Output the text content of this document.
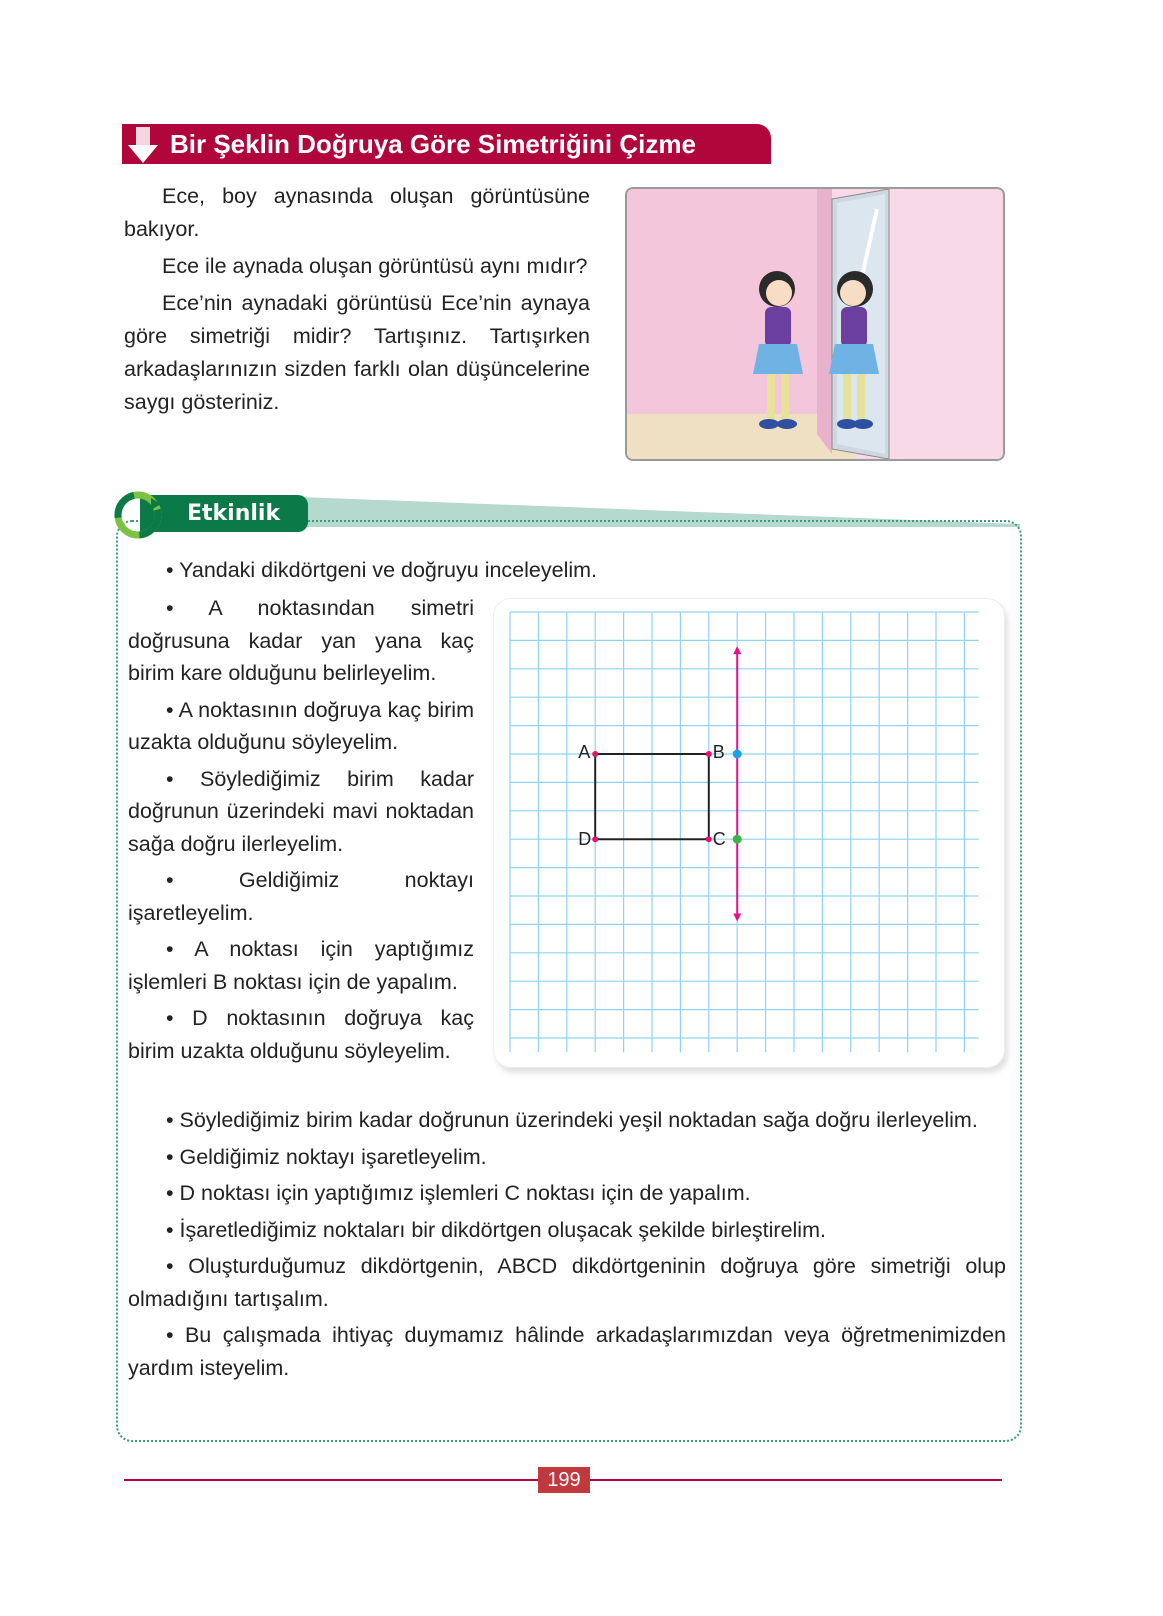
Bir Şeklin Doğruya Göre Simetriğini Çizme

Ece, boy aynasında oluşan görüntüsüne bakıyor.

Ece ile aynada oluşan görüntüsü aynı mıdır?

Ece’nin aynadaki görüntüsü Ece’nin aynaya göre simetriği midir? Tartışınız. Tartışırken arkadaşlarınızın sizden farklı olan düşüncelerine saygı gösteriniz.

Etkinlik

• Yandaki dikdörtgeni ve doğruyu inceleyelim.

• A noktasından simetri doğrusuna kadar yan yana kaç birim kare olduğunu belirleyelim.

• A noktasının doğruya kaç birim uzakta olduğunu söyleyelim.

• Söylediğimiz birim kadar doğrunun üzerindeki mavi noktadan sağa doğru ilerleyelim.

• Geldiğimiz noktayı işaretleyelim.

• A noktası için yaptığımız işlemleri B noktası için de yapalım.

• D noktasının doğruya kaç birim uzakta olduğunu söyleyelim.

• Söylediğimiz birim kadar doğrunun üzerindeki yeşil noktadan sağa doğru ilerleyelim.

• Geldiğimiz noktayı işaretleyelim.

• D noktası için yaptığımız işlemleri C noktası için de yapalım.

• İşaretlediğimiz noktaları bir dikdörtgen oluşacak şekilde birleştirelim.

• Oluşturduğumuz dikdörtgenin, ABCD dikdörtgeninin doğruya göre simetriği olup olmadığını tartışalım.

• Bu çalışmada ihtiyaç duymamız hâlinde arkadaşlarımızdan veya öğretmenimizden yardım isteyelim.

A	B
C
D
199
